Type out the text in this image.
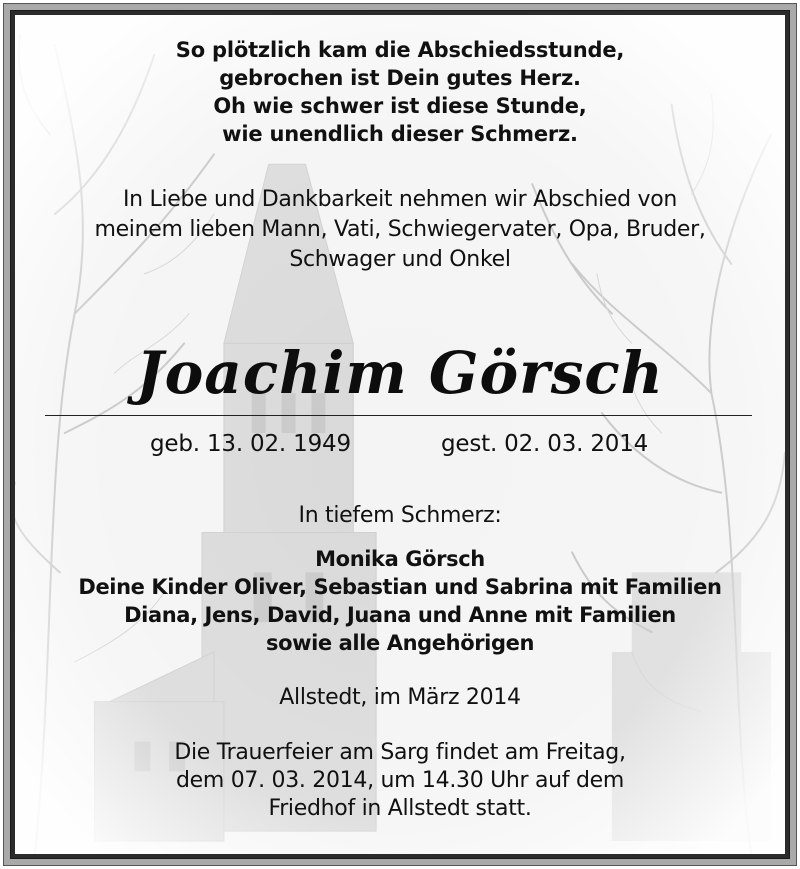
So plötzlich kam die Abschiedsstunde,
gebrochen ist Dein gutes Herz.
Oh wie schwer ist diese Stunde,
wie unendlich dieser Schmerz.
In Liebe und Dankbarkeit nehmen wir Abschied von
meinem lieben Mann, Vati, Schwiegervater, Opa, Bruder,
Schwager und Onkel
Joachim Görsch
geb. 13. 02. 1949	gest. 02. 03. 2014
In tiefem Schmerz:
Monika Görsch
Deine Kinder Oliver, Sebastian und Sabrina mit Familien
Diana, Jens, David, Juana und Anne mit Familien
sowie alle Angehörigen
Allstedt, im März 2014
Die Trauerfeier am Sarg findet am Freitag,
dem 07. 03. 2014, um 14.30 Uhr auf dem
Friedhof in Allstedt statt.
